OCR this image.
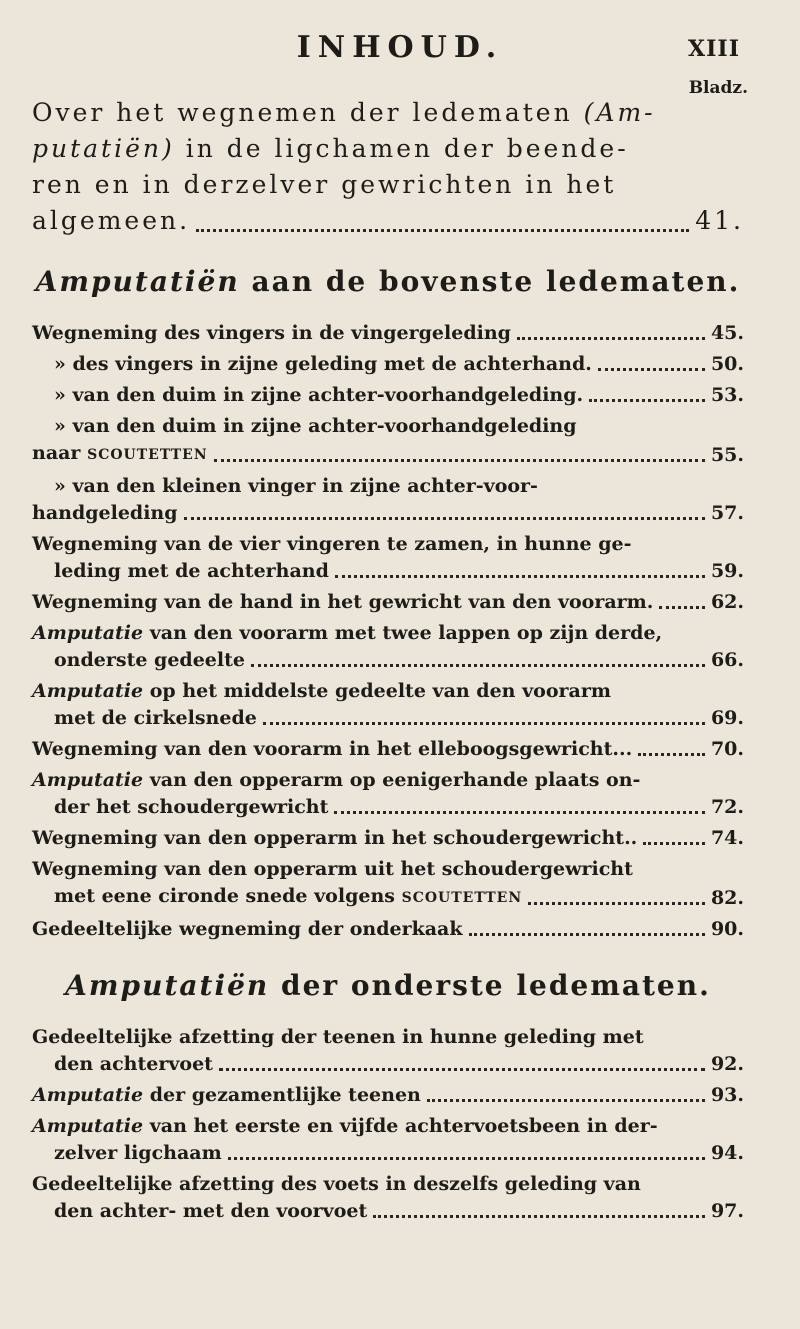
INHOUD.	XIII
Bladz.
Over het wegnemen der ledematen (Am-
putatiën) in de ligchamen der beende-
ren en in derzelver gewrichten in het
algemeen.	41.
Amputatiën aan de bovenste ledematen.
Wegneming des vingers in de vingergeleding	45.
» des vingers in zijne geleding met de achterhand.	50.
» van den duim in zijne achter-voorhandgeleding.	53.
» van den duim in zijne achter-voorhandgeleding
naar SCOUTETTEN	55.
» van den kleinen vinger in zijne achter-voor-
handgeleding	57.
Wegneming van de vier vingeren te zamen, in hunne ge-
leding met de achterhand	59.
Wegneming van de hand in het gewricht van den voorarm.	62.
Amputatie van den voorarm met twee lappen op zijn derde,
onderste gedeelte	66.
Amputatie op het middelste gedeelte van den voorarm
met de cirkelsnede	69.
Wegneming van den voorarm in het elleboogsgewricht...	70.
Amputatie van den opperarm op eenigerhande plaats on-
der het schoudergewricht	72.
Wegneming van den opperarm in het schoudergewricht..	74.
Wegneming van den opperarm uit het schoudergewricht
met eene cironde snede volgens SCOUTETTEN	82.
Gedeeltelijke wegneming der onderkaak	90.
Amputatiën der onderste ledematen.
Gedeeltelijke afzetting der teenen in hunne geleding met
den achtervoet	92.
Amputatie der gezamentlijke teenen	93.
Amputatie van het eerste en vijfde achtervoetsbeen in der-
zelver ligchaam	94.
Gedeeltelijke afzetting des voets in deszelfs geleding van
den achter- met den voorvoet	97.
